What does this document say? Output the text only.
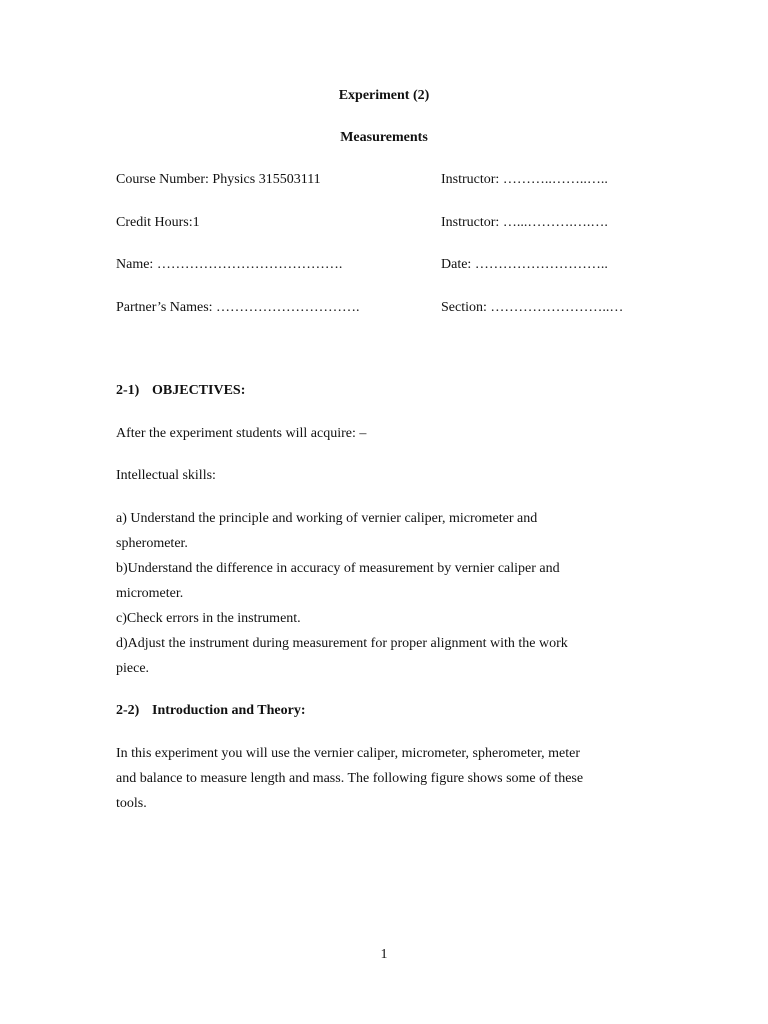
Experiment (2)
Measurements
Course Number: Physics 315503111	Instructor: ………..……..…..
Credit Hours:1	Instructor: …...……….….….
Name: ………………………………….	Date: ………………………..
Partner’s Names: ………………………….	Section: ……………………..…
2-1) OBJECTIVES:
After the experiment students will acquire: –
Intellectual skills:
a) Understand the principle and working of vernier caliper, micrometer and
spherometer.
b)Understand the difference in accuracy of measurement by vernier caliper and
micrometer.
c)Check errors in the instrument.
d)Adjust the instrument during measurement for proper alignment with the work
piece.
2-2) Introduction and Theory:
In this experiment you will use the vernier caliper, micrometer, spherometer, meter
and balance to measure length and mass. The following figure shows some of these
tools.
1
